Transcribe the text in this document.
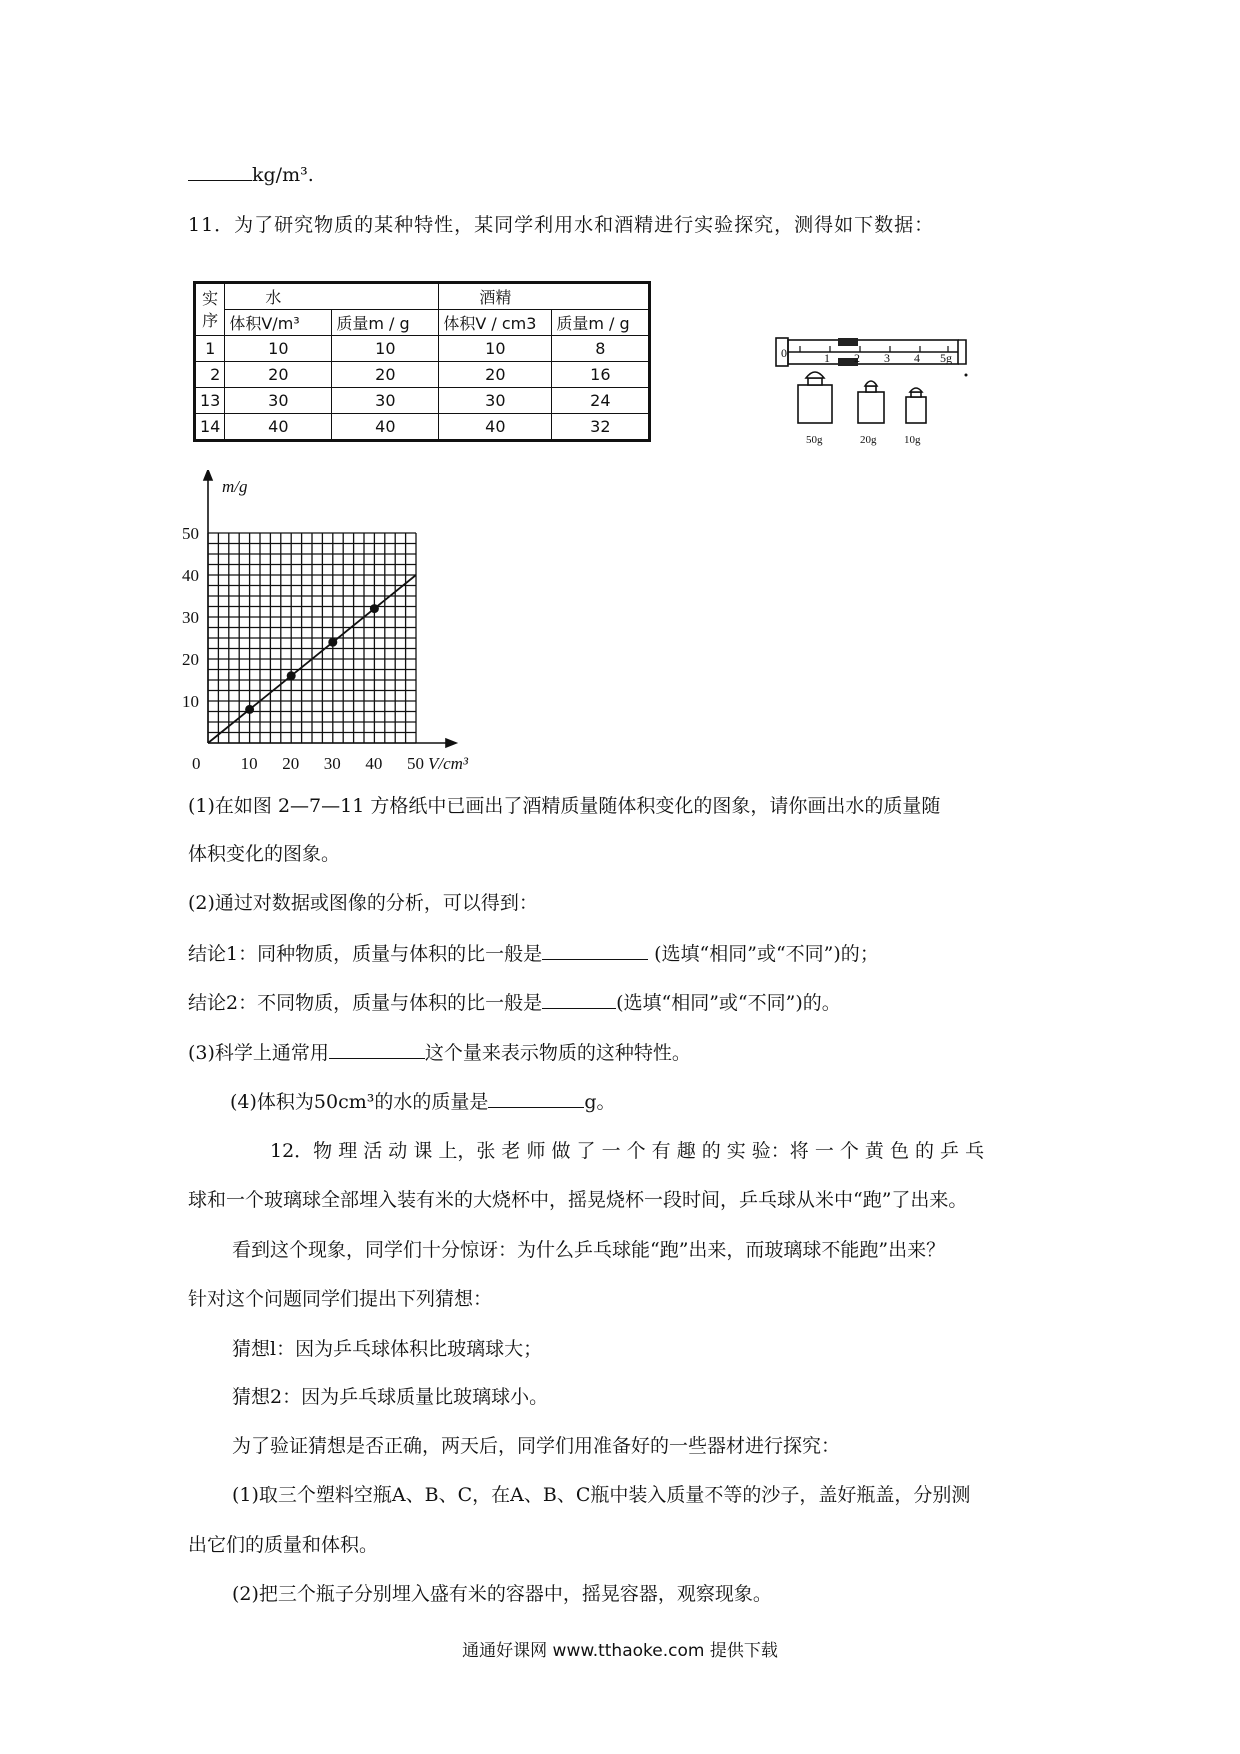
kg/m³.
11．为了研究物质的某种特性，某同学利用水和酒精进行实验探究，测得如下数据：
实序	水		酒精	
	体积V/m³	质量m / g	体积V / cm3	质量m / g
1	10	10	10	8
2	20	20	20	16
13	30	30	30	24
14	40	40	40	32
0	1 2 3 4 5g
50g	20g	10g
10
20
30
40
50
10 20 30 40 50
0
m/g
V/cm³
(1)在如图 2—7—11 方格纸中已画出了酒精质量随体积变化的图象，请你画出水的质量随
体积变化的图象。
(2)通过对数据或图像的分析，可以得到：
结论1：同种物质，质量与体积的比一般是	(选填“相同”或“不同”)的；
结论2：不同物质，质量与体积的比一般是	(选填“相同”或“不同”)的。
(3)科学上通常用	这个量来表示物质的这种特性。
(4)体积为50cm³的水的质量是	g。
12．物 理 活 动 课 上，张 老 师 做 了 一 个 有 趣 的 实 验：将 一 个 黄 色 的 乒 乓
球和一个玻璃球全部埋入装有米的大烧杯中，摇晃烧杯一段时间，乒乓球从米中“跑”了出来。
看到这个现象，同学们十分惊讶：为什么乒乓球能“跑”出来，而玻璃球不能跑”出来？
针对这个问题同学们提出下列猜想：
猜想l：因为乒乓球体积比玻璃球大；
猜想2：因为乒乓球质量比玻璃球小。
为了验证猜想是否正确，两天后，同学们用准备好的一些器材进行探究：
(1)取三个塑料空瓶A、B、C，在A、B、C瓶中装入质量不等的沙子，盖好瓶盖，分别测
出它们的质量和体积。
(2)把三个瓶子分别埋入盛有米的容器中，摇晃容器，观察现象。
通通好课网 www.tthaoke.com 提供下载
